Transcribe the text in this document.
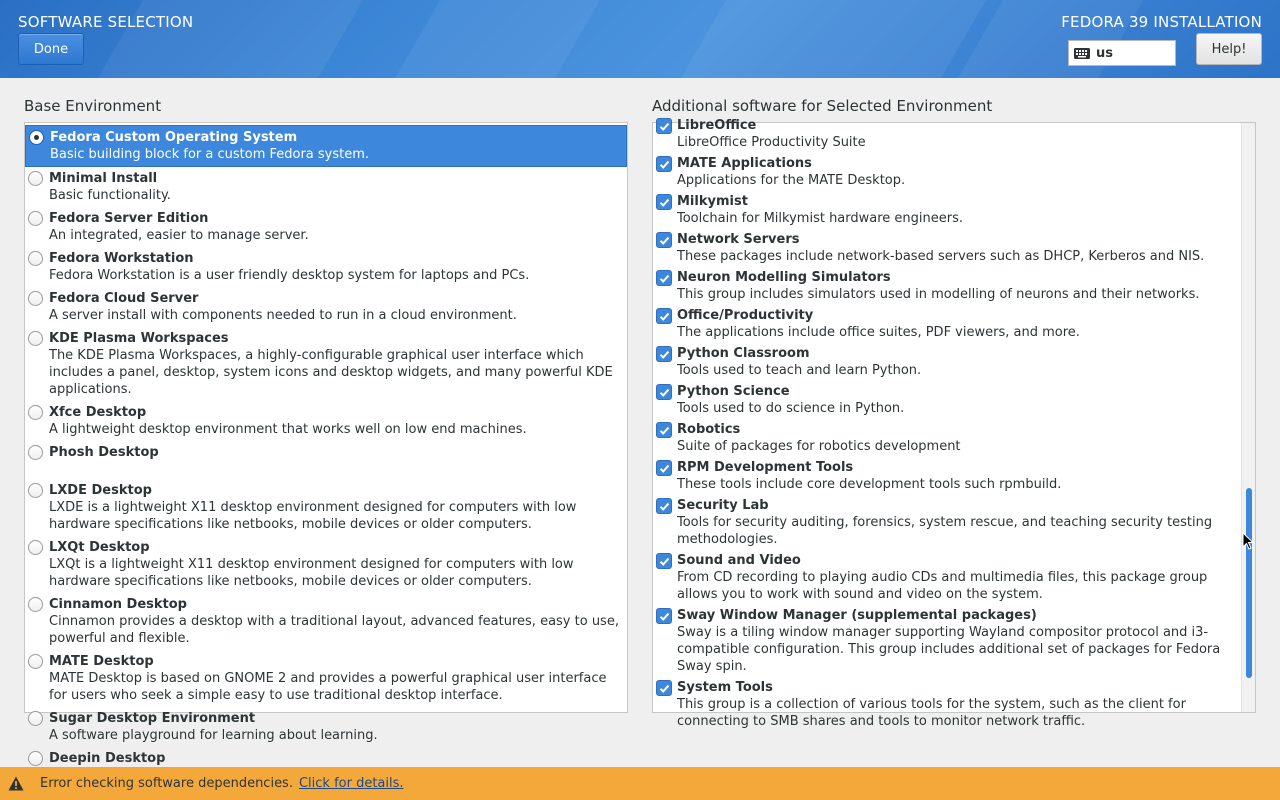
SOFTWARE SELECTION
Done
FEDORA 39 INSTALLATION
us	Help!
Base Environment
Fedora Custom Operating System
Basic building block for a custom Fedora system.
Minimal Install
Basic functionality.
Fedora Server Edition
An integrated, easier to manage server.
Fedora Workstation
Fedora Workstation is a user friendly desktop system for laptops and PCs.
Fedora Cloud Server
A server install with components needed to run in a cloud environment.
KDE Plasma Workspaces
The KDE Plasma Workspaces, a highly-configurable graphical user interface which includes a panel, desktop, system icons and desktop widgets, and many powerful KDE applications.
Xfce Desktop
A lightweight desktop environment that works well on low end machines.
Phosh Desktop
LXDE Desktop
LXDE is a lightweight X11 desktop environment designed for computers with low hardware specifications like netbooks, mobile devices or older computers.
LXQt Desktop
LXQt is a lightweight X11 desktop environment designed for computers with low hardware specifications like netbooks, mobile devices or older computers.
Cinnamon Desktop
Cinnamon provides a desktop with a traditional layout, advanced features, easy to use, powerful and flexible.
MATE Desktop
MATE Desktop is based on GNOME 2 and provides a powerful graphical user interface for users who seek a simple easy to use traditional desktop interface.
Sugar Desktop Environment
A software playground for learning about learning.
Deepin Desktop
Additional software for Selected Environment
LibreOffice
LibreOffice Productivity Suite
MATE Applications
Applications for the MATE Desktop.
Milkymist
Toolchain for Milkymist hardware engineers.
Network Servers
These packages include network-based servers such as DHCP, Kerberos and NIS.
Neuron Modelling Simulators
This group includes simulators used in modelling of neurons and their networks.
Office/Productivity
The applications include office suites, PDF viewers, and more.
Python Classroom
Tools used to teach and learn Python.
Python Science
Tools used to do science in Python.
Robotics
Suite of packages for robotics development
RPM Development Tools
These tools include core development tools such rpmbuild.
Security Lab
Tools for security auditing, forensics, system rescue, and teaching security testing methodologies.
Sound and Video
From CD recording to playing audio CDs and multimedia files, this package group allows you to work with sound and video on the system.
Sway Window Manager (supplemental packages)
Sway is a tiling window manager supporting Wayland compositor protocol and i3-compatible configuration. This group includes additional set of packages for Fedora Sway spin.
System Tools
This group is a collection of various tools for the system, such as the client for connecting to SMB shares and tools to monitor network traffic.
Error checking software dependencies. Click for details.
